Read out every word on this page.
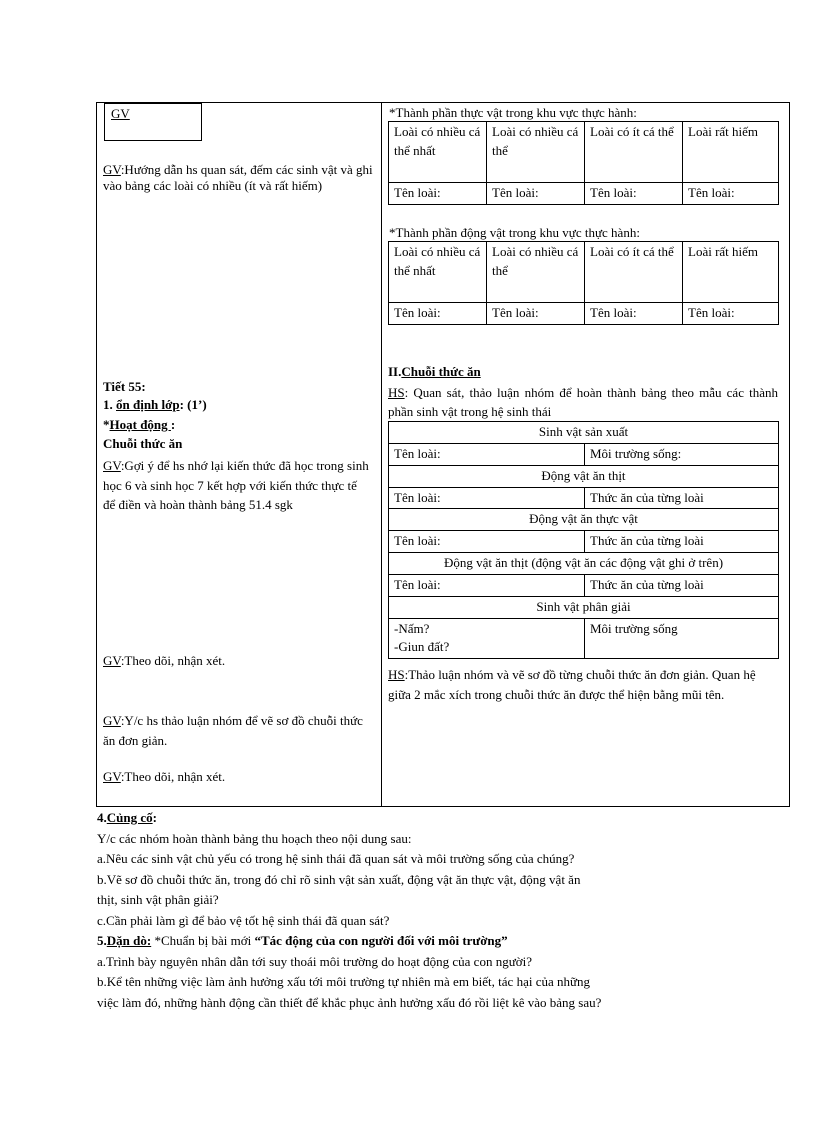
GV
GV:Hướng dẫn hs quan sát, đếm các sinh vật và ghi vào bảng các loài có nhiều (ít và rất hiếm)
Tiết 55:
1. ổn định lớp: (1’)
*Hoạt động :
Chuỗi thức ăn
GV:Gợi ý để hs nhớ lại kiến thức đã học trong sinh học 6 và sinh học 7 kết hợp với kiến thức thực tế để điền và hoàn thành bảng 51.4 sgk
GV:Theo dõi, nhận xét.
GV:Y/c hs thảo luận nhóm để vẽ sơ đồ chuỗi thức ăn đơn giản.
GV:Theo dõi, nhận xét.
*Thành phần thực vật trong khu vực thực hành:
Loài có nhiều cá thể nhất	Loài có nhiều cá thể	Loài có ít cá thể	Loài rất hiếm
Tên loài:	Tên loài:	Tên loài:	Tên loài:
*Thành phần động vật trong khu vực thực hành:
Loài có nhiều cá thể nhất	Loài có nhiều cá thể	Loài có ít cá thể	Loài rất hiếm
Tên loài:	Tên loài:	Tên loài:	Tên loài:
II.Chuỗi thức ăn
HS: Quan sát, thảo luận nhóm để hoàn thành bảng theo mẫu các thành phần sinh vật trong hệ sinh thái
Sinh vật sản xuất	
Tên loài:	Môi trường sống:
Động vật ăn thịt	
Tên loài:	Thức ăn của từng loài
Động vật ăn thực vật	
Tên loài:	Thức ăn của từng loài
Động vật ăn thịt (động vật ăn các động vật ghi ở trên)	
Tên loài:	Thức ăn của từng loài
Sinh vật phân giải	

-Nấm?
-Giun đất?	Môi trường sống
HS:Thảo luận nhóm và vẽ sơ đồ từng chuỗi thức ăn đơn giản. Quan hệ giữa 2 mắc xích trong chuỗi thức ăn được thể hiện bằng mũi tên.
4.Củng cố:
Y/c các nhóm hoàn thành bảng thu hoạch theo nội dung sau:
a.Nêu các sinh vật chủ yếu có trong hệ sinh thái đã quan sát và môi trường sống của chúng?
b.Vẽ sơ đồ chuỗi thức ăn, trong đó chỉ rõ sinh vật sản xuất, động vật ăn thực vật, động vật ăn
thịt, sinh vật phân giải?
c.Cần phải làm gì để bảo vệ tốt hệ sinh thái đã quan sát?
5.Dặn dò: *Chuẩn bị bài mới “Tác động của con người đối với môi trường”
a.Trình bày nguyên nhân dẫn tới suy thoái môi trường do hoạt động của con người?
b.Kể tên những việc làm ảnh hưởng xấu tới môi trường tự nhiên mà em biết, tác hại của những
việc làm đó, những hành động cần thiết để khắc phục ảnh hưởng xấu đó rồi liệt kê vào bảng sau?
